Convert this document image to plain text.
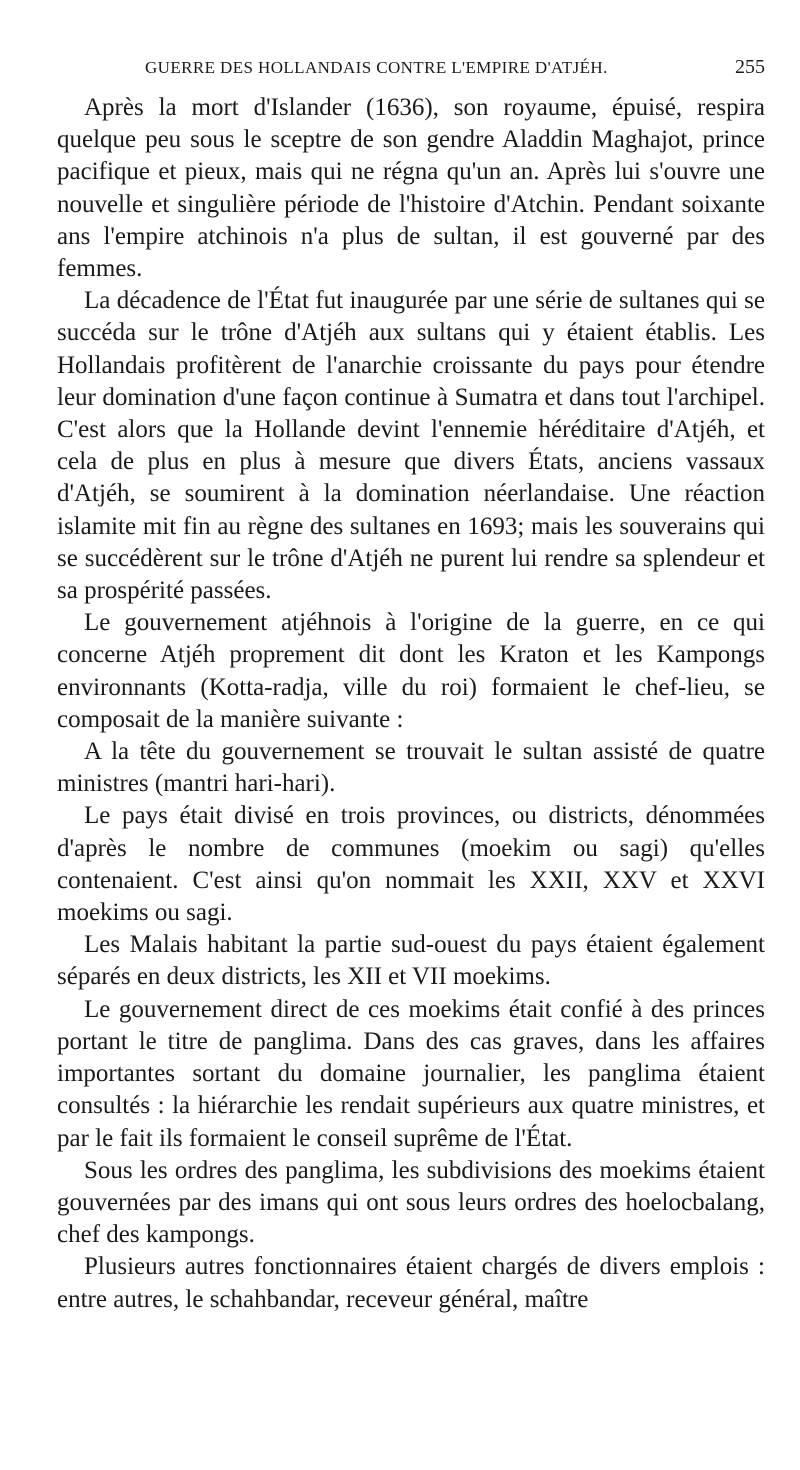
GUERRE DES HOLLANDAIS CONTRE L'EMPIRE D'ATJÉH.	255

Après la mort d'Islander (1636), son royaume, épuisé, respira quelque peu sous le sceptre de son gendre Aladdin Maghajot, prince pacifique et pieux, mais qui ne régna qu'un an. Après lui s'ouvre une nouvelle et singulière période de l'histoire d'Atchin. Pendant soixante ans l'empire atchinois n'a plus de sultan, il est gouverné par des femmes.

La décadence de l'État fut inaugurée par une série de sultanes qui se succéda sur le trône d'Atjéh aux sultans qui y étaient établis. Les Hollandais profitèrent de l'anarchie croissante du pays pour étendre leur domination d'une façon continue à Sumatra et dans tout l'archipel. C'est alors que la Hollande devint l'ennemie héréditaire d'Atjéh, et cela de plus en plus à mesure que divers États, anciens vassaux d'Atjéh, se soumirent à la domination néerlandaise. Une réaction islamite mit fin au règne des sultanes en 1693; mais les souverains qui se succédèrent sur le trône d'Atjéh ne purent lui rendre sa splendeur et sa prospérité passées.

Le gouvernement atjéhnois à l'origine de la guerre, en ce qui concerne Atjéh proprement dit dont les Kraton et les Kampongs environnants (Kotta-radja, ville du roi) formaient le chef-lieu, se composait de la manière suivante :

A la tête du gouvernement se trouvait le sultan assisté de quatre ministres (mantri hari-hari).

Le pays était divisé en trois provinces, ou districts, dénommées d'après le nombre de communes (moekim ou sagi) qu'elles contenaient. C'est ainsi qu'on nommait les XXII, XXV et XXVI moekims ou sagi.

Les Malais habitant la partie sud-ouest du pays étaient également séparés en deux districts, les XII et VII moekims.

Le gouvernement direct de ces moekims était confié à des princes portant le titre de panglima. Dans des cas graves, dans les affaires importantes sortant du domaine journalier, les panglima étaient consultés : la hiérarchie les rendait supérieurs aux quatre ministres, et par le fait ils formaient le conseil suprême de l'État.

Sous les ordres des panglima, les subdivisions des moekims étaient gouvernées par des imans qui ont sous leurs ordres des hoelocbalang, chef des kampongs.

Plusieurs autres fonctionnaires étaient chargés de divers emplois : entre autres, le schahbandar, receveur général, maître
